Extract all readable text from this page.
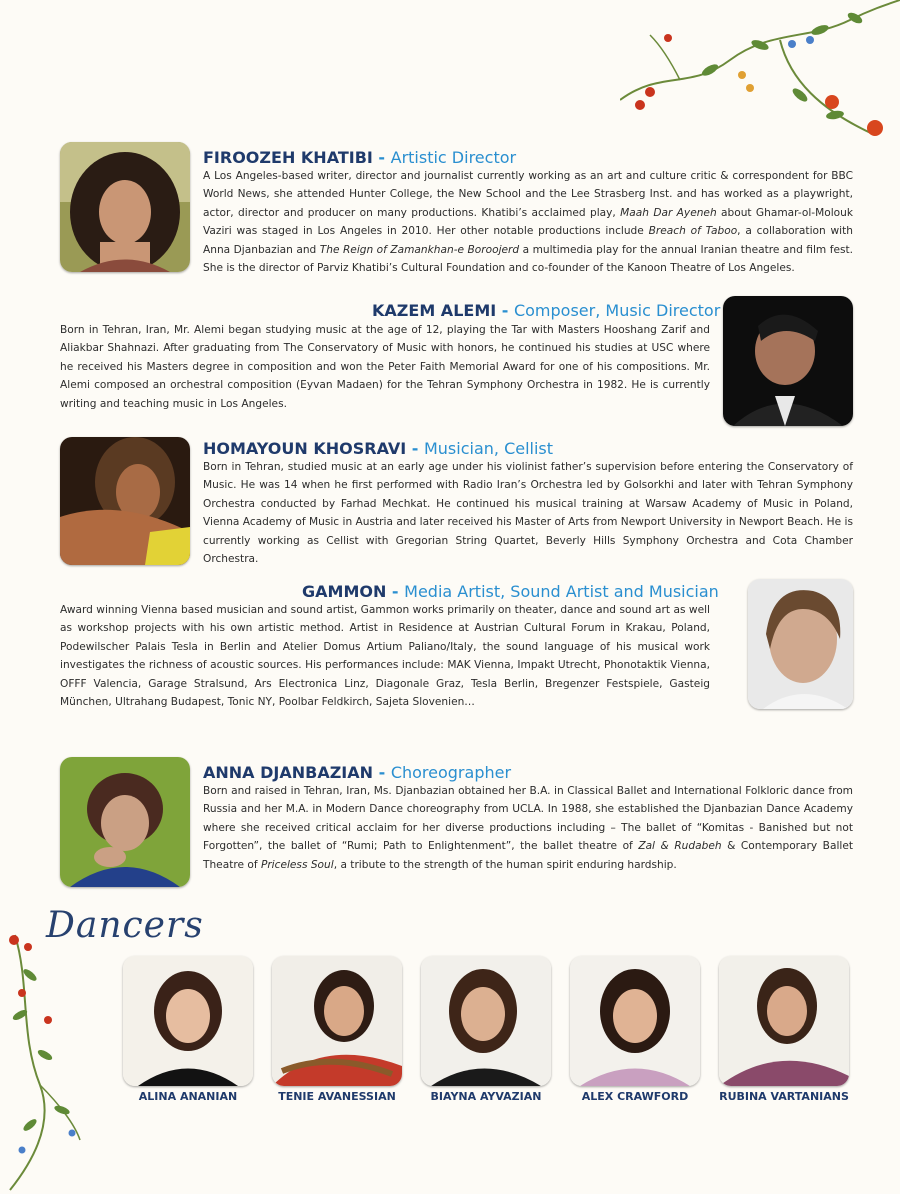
FIROOZEH KHATIBI - Artistic Director

A Los Angeles-based writer, director and journalist currently working as an art and culture critic & correspondent for BBC World News, she attended Hunter College, the New School and the Lee Strasberg Inst. and has worked as a playwright, actor, director and producer on many productions. Khatibi’s acclaimed play, Maah Dar Ayeneh about Ghamar-ol-Molouk Vaziri was staged in Los Angeles in 2010. Her other notable productions include Breach of Taboo, a collaboration with Anna Djanbazian and The Reign of Zamankhan-e Boroojerd a multimedia play for the annual Iranian theatre and film fest. She is the director of Parviz Khatibi’s Cultural Foundation and co-founder of the Kanoon Theatre of Los Angeles.

KAZEM ALEMI - Composer, Music Director

Born in Tehran, Iran, Mr. Alemi began studying music at the age of 12, playing the Tar with Masters Hooshang Zarif and Aliakbar Shahnazi. After graduating from The Conservatory of Music with honors, he continued his studies at USC where he received his Masters degree in composition and won the Peter Faith Memorial Award for one of his compositions. Mr. Alemi composed an orchestral composition (Eyvan Madaen) for the Tehran Symphony Orchestra in 1982. He is currently writing and teaching music in Los Angeles.

HOMAYOUN KHOSRAVI - Musician, Cellist

Born in Tehran, studied music at an early age under his violinist father’s supervision before entering the Conservatory of Music. He was 14 when he first performed with Radio Iran’s Orchestra led by Golsorkhi and later with Tehran Symphony Orchestra conducted by Farhad Mechkat. He continued his musical training at Warsaw Academy of Music in Poland, Vienna Academy of Music in Austria and later received his Master of Arts from Newport University in Newport Beach. He is currently working as Cellist with Gregorian String Quartet, Beverly Hills Symphony Orchestra and Cota Chamber Orchestra.

GAMMON - Media Artist, Sound Artist and Musician

Award winning Vienna based musician and sound artist, Gammon works primarily on theater, dance and sound art as well as workshop projects with his own artistic method. Artist in Residence at Austrian Cultural Forum in Krakau, Poland, Podewilscher Palais Tesla in Berlin and Atelier Domus Artium Paliano/Italy, the sound language of his musical work investigates the richness of acoustic sources. His performances include: MAK Vienna, Impakt Utrecht, Phonotaktik Vienna, OFFF Valencia, Garage Stralsund, Ars Electronica Linz, Diagonale Graz, Tesla Berlin, Bregenzer Festspiele, Gasteig München, Ultrahang Budapest, Tonic NY, Poolbar Feldkirch, Sajeta Slovenien…

ANNA DJANBAZIAN - Choreographer

Born and raised in Tehran, Iran, Ms. Djanbazian obtained her B.A. in Classical Ballet and International Folkloric dance from Russia and her M.A. in Modern Dance choreography from UCLA. In 1988, she established the Djanbazian Dance Academy where she received critical acclaim for her diverse productions including – The ballet of “Komitas - Banished but not Forgotten”, the ballet of “Rumi; Path to Enlightenment”, the ballet theatre of Zal & Rudabeh & Contemporary Ballet Theatre of Priceless Soul, a tribute to the strength of the human spirit enduring hardship.

Dancers
ALINA ANANIAN	TENIE AVANESSIAN	BIAYNA AYVAZIAN	ALEX CRAWFORD	RUBINA VARTANIANS
